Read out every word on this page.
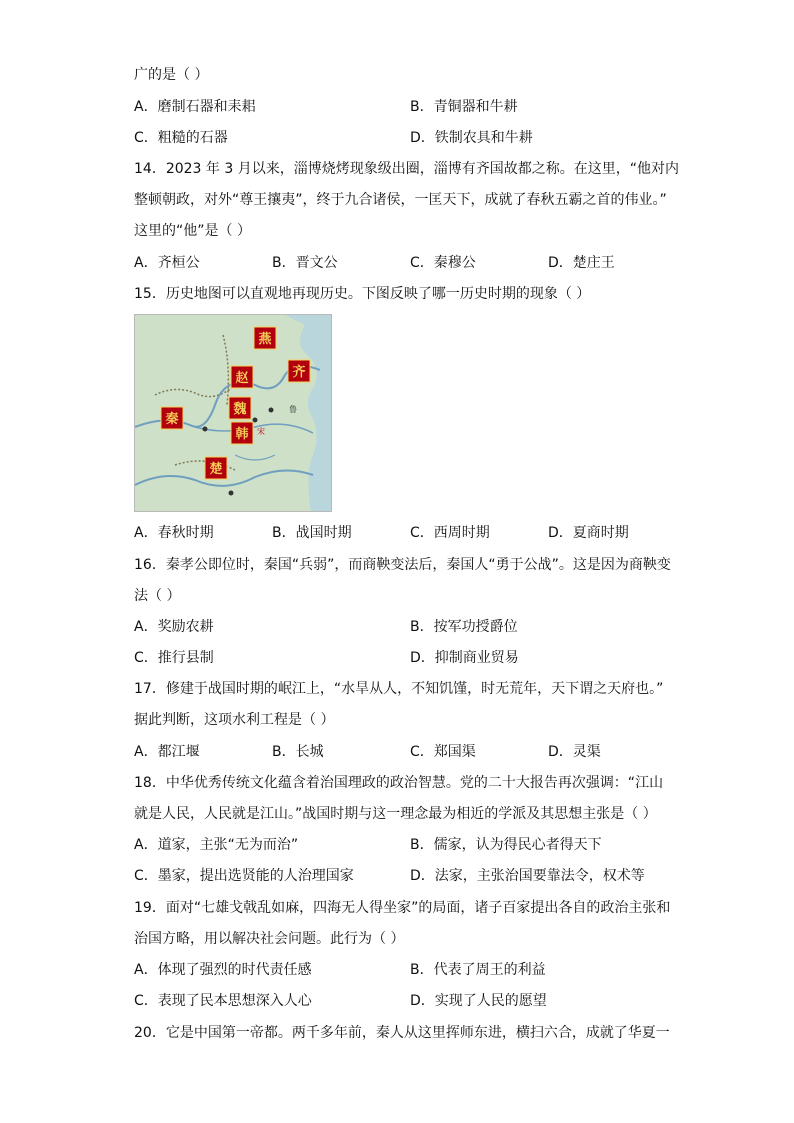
广的是（ ）
A．磨制石器和耒耜	B．青铜器和牛耕
C．粗糙的石器	D．铁制农具和牛耕
14．2023 年 3 月以来，淄博烧烤现象级出圈，淄博有齐国故都之称。在这里，“他对内
整顿朝政，对外“尊王攘夷”，终于九合诸侯，一匡天下，成就了春秋五霸之首的伟业。”
这里的“他”是（ ）
A．齐桓公	B．晋文公	C．秦穆公	D．楚庄王
15．历史地图可以直观地再现历史。下图反映了哪一历史时期的现象（ ）
宋
鲁
燕
齐
赵
魏
秦
韩
楚
A．春秋时期	B．战国时期	C．西周时期	D．夏商时期
16．秦孝公即位时，秦国“兵弱”，而商鞅变法后，秦国人“勇于公战”。这是因为商鞅变
法（ ）
A．奖励农耕	B．按军功授爵位
C．推行县制	D．抑制商业贸易
17．修建于战国时期的岷江上，“水旱从人，不知饥馑，时无荒年，天下谓之天府也。”
据此判断，这项水利工程是（ ）
A．都江堰	B．长城	C．郑国渠	D．灵渠
18．中华优秀传统文化蕴含着治国理政的政治智慧。党的二十大报告再次强调：“江山
就是人民，人民就是江山。”战国时期与这一理念最为相近的学派及其思想主张是（ ）
A．道家，主张“无为而治”	B．儒家，认为得民心者得天下
C．墨家，提出选贤能的人治理国家	D．法家，主张治国要靠法令，权术等
19．面对“七雄戈戟乱如麻，四海无人得坐家”的局面，诸子百家提出各自的政治主张和
治国方略，用以解决社会问题。此行为（ ）
A．体现了强烈的时代责任感	B．代表了周王的利益
C．表现了民本思想深入人心	D．实现了人民的愿望
20．它是中国第一帝都。两千多年前，秦人从这里挥师东进，横扫六合，成就了华夏一
